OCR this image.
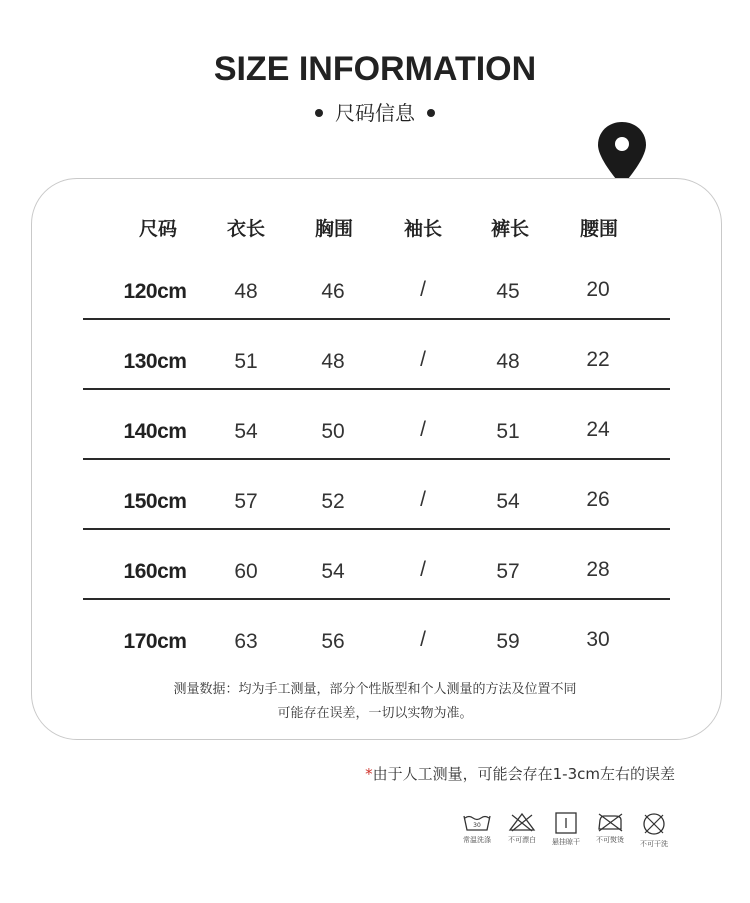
SIZE INFORMATION
尺码信息
尺码	衣长	胸围	袖长	裤长	腰围
120cm 48	46	/	45	20
130cm 51	48	/	48	22
140cm 54	50	/	51	24
150cm 57	52	/	54	26
160cm 60	54	/	57	28
170cm 63	56	/	59	30
测量数据：均为手工测量，部分个性版型和个人测量的方法及位置不同
可能存在误差，一切以实物为准。
*由于人工测量，可能会存在1-3cm左右的误差
30
常温洗涤	不可漂白	悬挂晾干	不可熨烫	不可干洗
